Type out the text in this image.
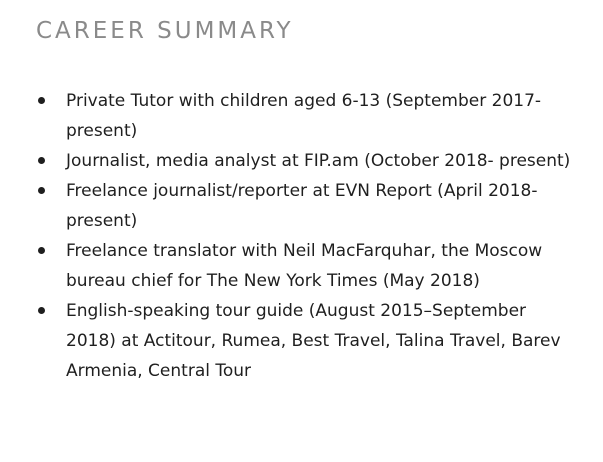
CAREER SUMMARY
Private Tutor with children aged 6-13 (September 2017- present)
Journalist, media analyst at FIP.am (October 2018- present)
Freelance journalist/reporter at EVN Report (April 2018-present)
Freelance translator with Neil MacFarquhar, the Moscow bureau chief for The New York Times (May 2018)
English-speaking tour guide (August 2015–September 2018) at Actitour, Rumea, Best Travel, Talina Travel, Barev Armenia, Central Tour
